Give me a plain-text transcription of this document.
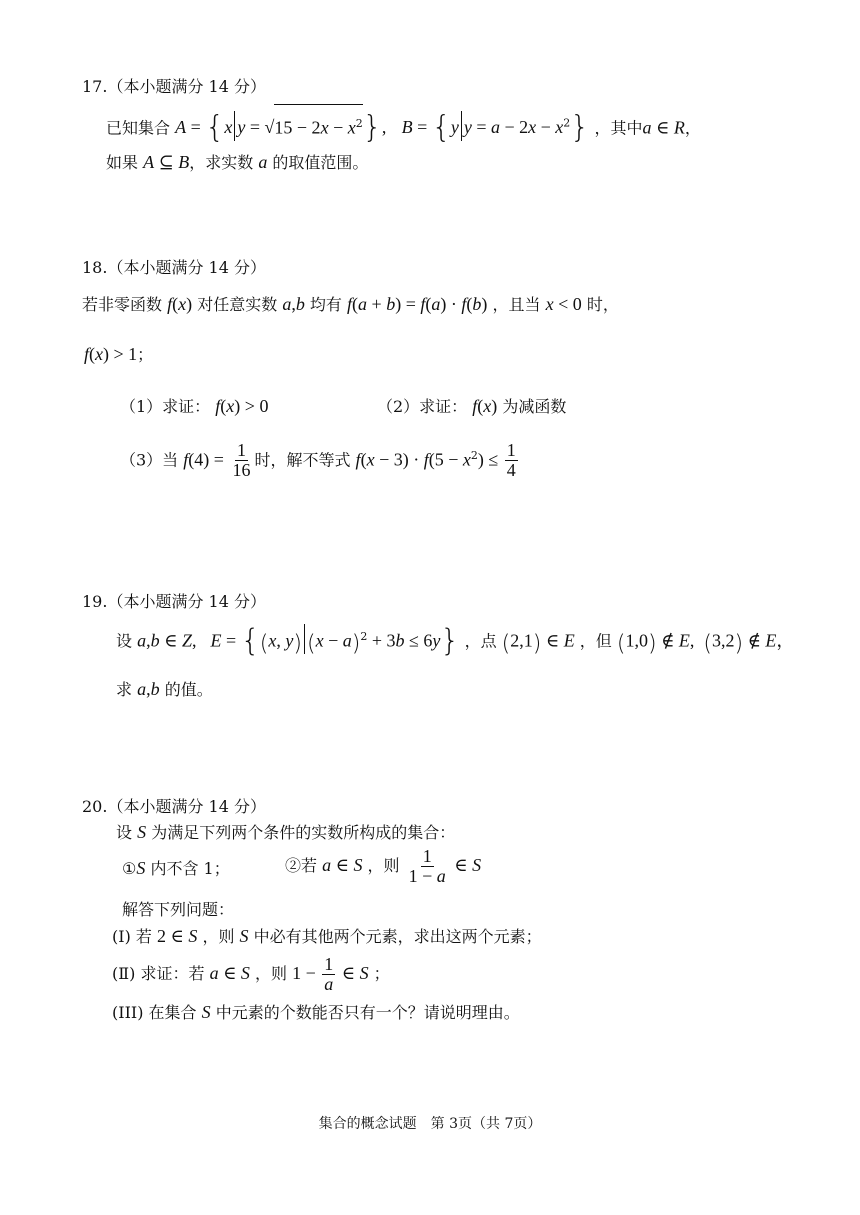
17.（本小题满分 14 分）
已知集合 A = {x $y = √15 - 2x - x^2$}, B = {y $y = a - 2x - x^2$} ，其中a ∈ R，
如果 A ⊆ B，求实数 a 的取值范围。
18.（本小题满分 14 分）
若非零函数 f(x) 对任意实数 a,b 均有 f(a + b) = f(a) · f(b) ，且当 x < 0 时，
f(x) > 1；
（1）求证： f(x) > 0	（2）求证： f(x) 为减函数
（3）当 $f(4) = \frac{1}{16}$ 时，解不等式 $f(x - 3) \cdot f(5 - x^2) \le \frac{1}{4}$
19.（本小题满分 14 分）
设 a,b ∈ Z,   E = {(x, y) $(x - a)^2 + 3b \le 6y$} ，点 (2,1) ∈ E ，但 (1,0) ∉ E,  (3,2) ∉ E，
求 a,b 的值。
20.（本小题满分 14 分）
设 S 为满足下列两个条件的实数所构成的集合：
①S 内不含 1；	②若 a ∈ S ，则 $\frac{1}{1 - a}$ ∈ S
解答下列问题：
(Ⅰ) 若 2 ∈ S ，则 S 中必有其他两个元素，求出这两个元素；
(Ⅱ) 求证：若 a ∈ S ，则 $1 - \frac{1}{a}$ ∈ S ；
(III) 在集合 S 中元素的个数能否只有一个？请说明理由。
集合的概念试题　第 3页（共 7页）
